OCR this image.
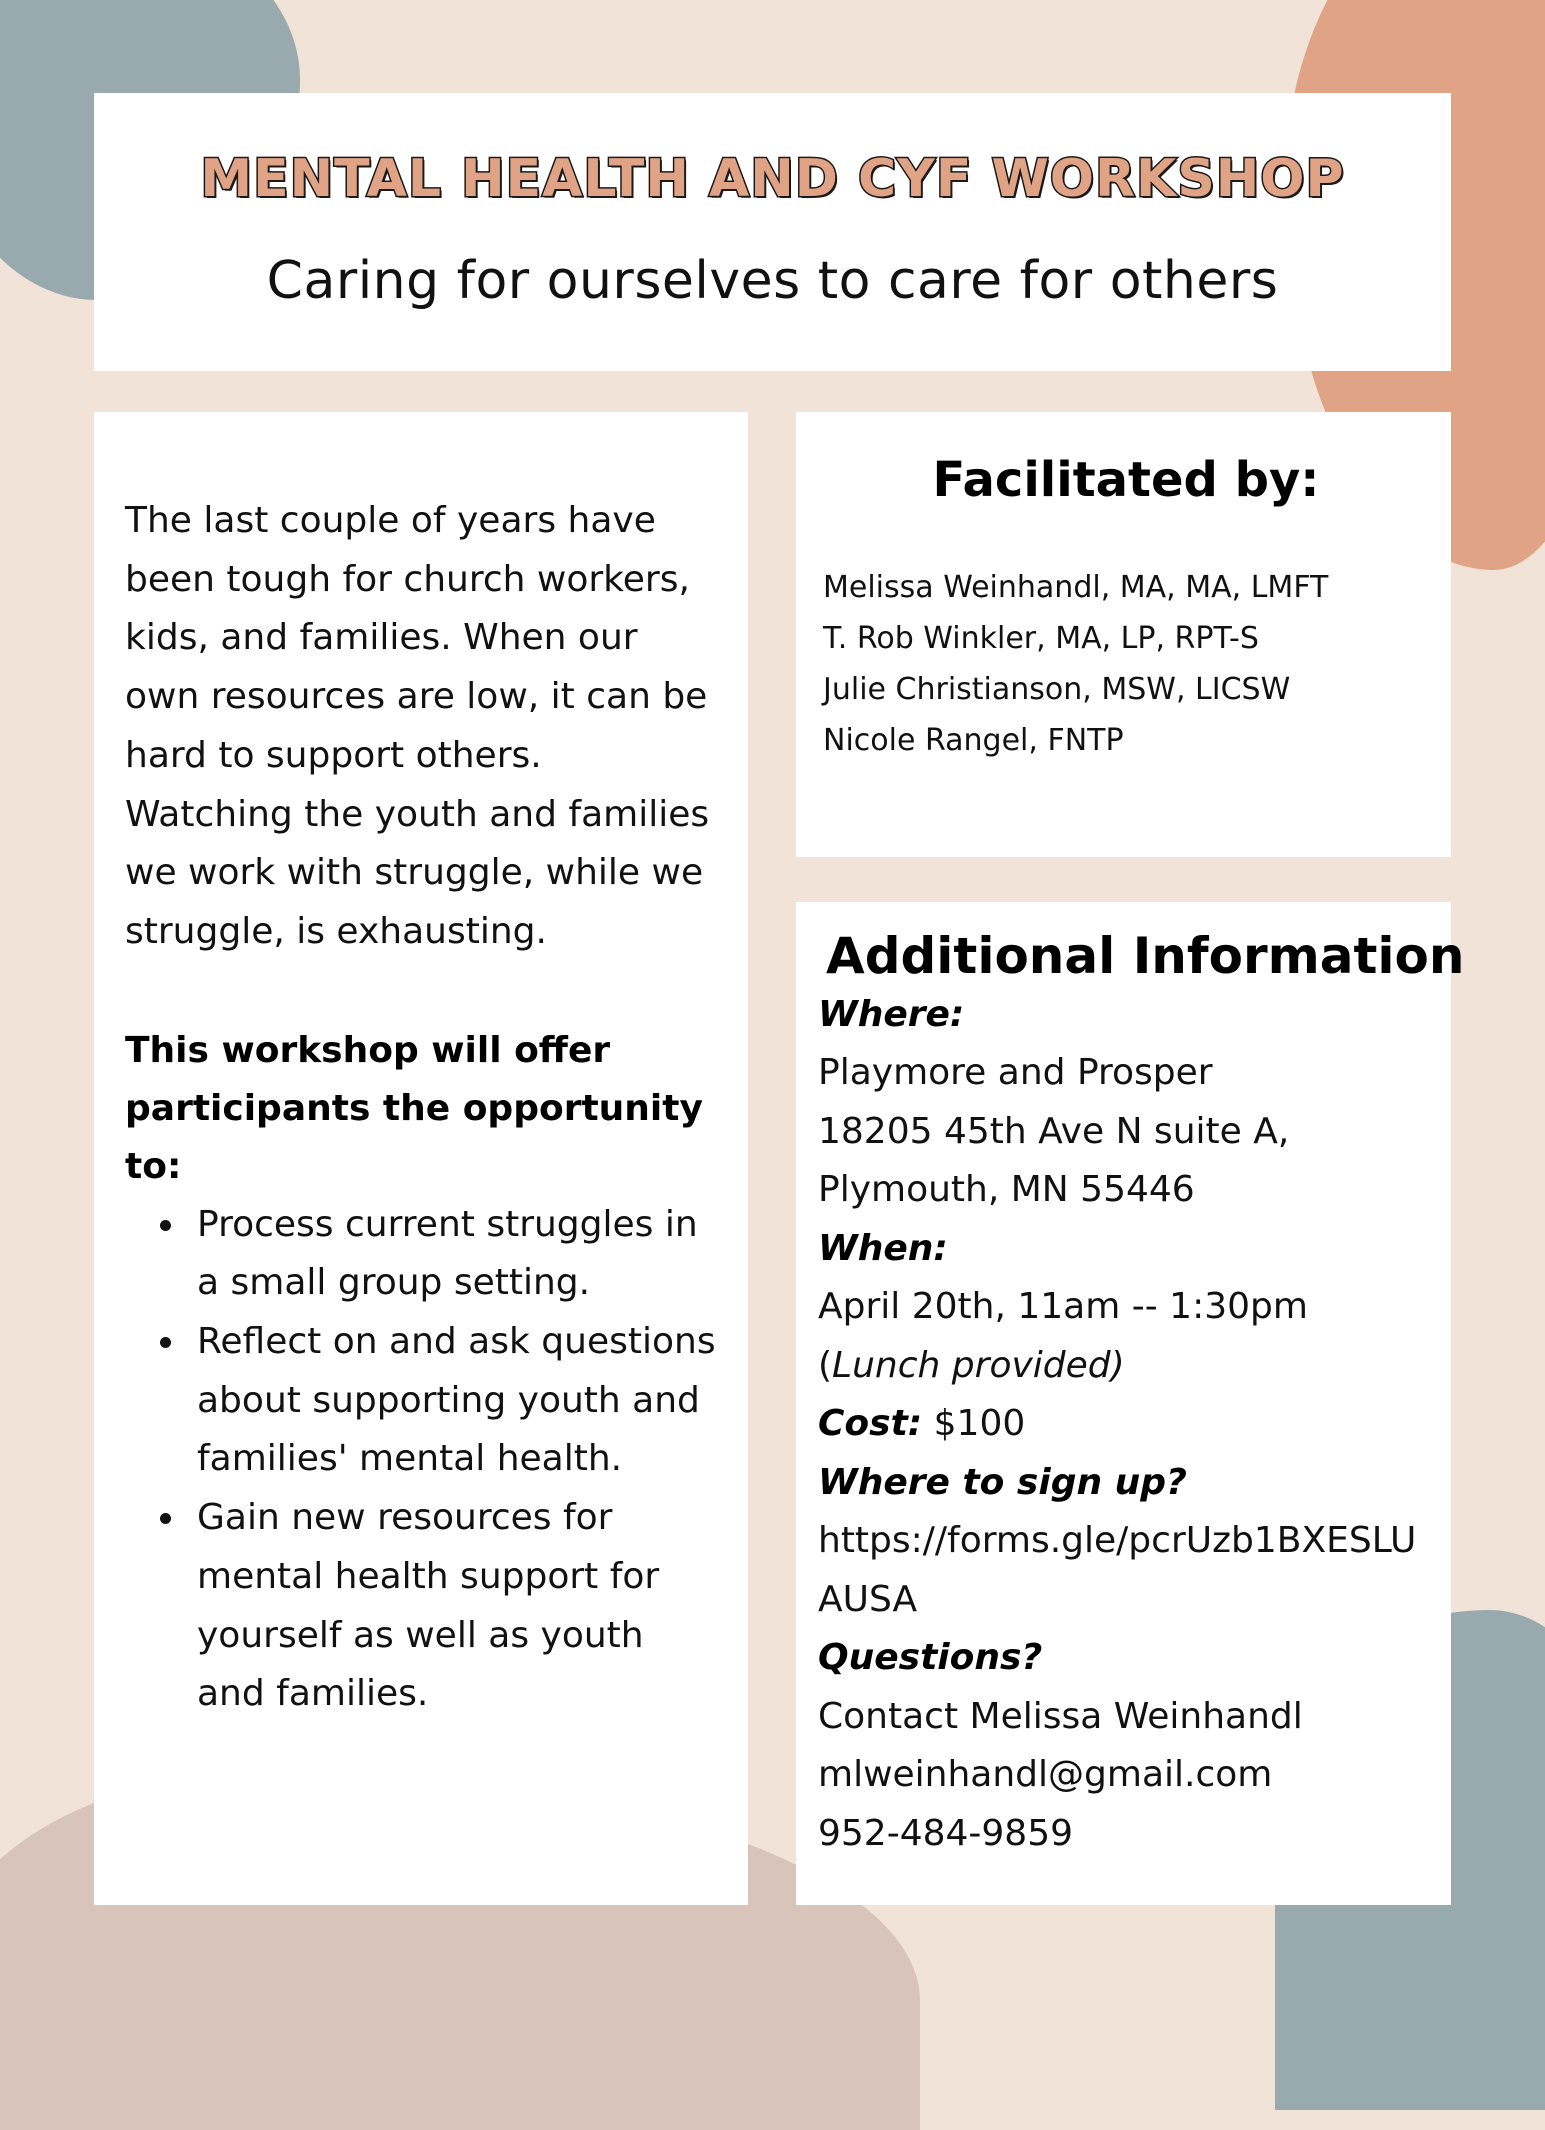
MENTAL HEALTH AND CYF WORKSHOP

Caring for ourselves to care for others

The last couple of years have been tough for church workers, kids, and families. When our own resources are low, it can be hard to support others. Watching the youth and families we work with struggle, while we struggle, is exhausting.

This workshop will offer participants the opportunity to:

Process current struggles in a small group setting.
Reflect on and ask questions about supporting youth and families' mental health.
Gain new resources for mental health support for yourself as well as youth and families.
Facilitated by:
Melissa Weinhandl, MA, MA, LMFT
T. Rob Winkler, MA, LP, RPT-S
Julie Christianson, MSW, LICSW
Nicole Rangel, FNTP
Additional Information
Where:
Playmore and Prosper
18205 45th Ave N suite A,
Plymouth, MN 55446
When:
April 20th, 11am -- 1:30pm
(Lunch provided)
Cost: $100
Where to sign up?
https://forms.gle/pcrUzb1BXESLUAUSA
Questions?
Contact Melissa Weinhandl
mlweinhandl@gmail.com
952-484-9859
